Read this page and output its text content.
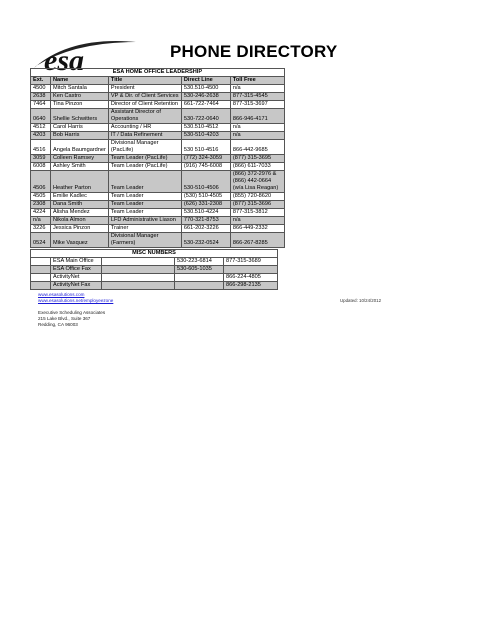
esa	PHONE DIRECTORY
ESA HOME OFFICE LEADERSHIP				
Ext.	Name	Title	Direct Line	Toll Free
4500	Mitch Santala	President	530.510-4500	n/a
2638	Ken Castro	VP & Dir. of Client Services	530-246-2638	877-315-4545
7464	Tina Pinzon	Director of Client Retention	661-722-7464	877-315-3697
0640	Shellie Schwitters	Assistant Director of Operations	530-722-0640	866-946-4171
4512	Carol Harris	Accounting / HR	530.510-4512	n/a
4203	Bob Harris	IT / Data Refinement	530-510-4203	n/a
4516	Angela Baumgardner	Divisional Manager (PacLife)	530 510-4516	866-442-9685
3059	Colleen Ramsey	Team Leader (PacLife)	(772) 324-3059	(877) 315-3695
6008	Ashley Smith	Team Leader (PacLife)	(916) 745-6008	(866) 611-7033
4506	Heather Parton	Team Leader	530-510-4506	(866) 372-2976 & (866) 442-0664 (w/a Lisa Reagan)
4505	Emilie Kadlec	Team Leader	(530) 510-4505	(855) 720-8620
2308	Dana Smith	Team Leader	(626) 331-2308	(877) 315-3696
4224	Alisha Mendez	Team Leader	530.510-4224	877-315-3812
n/a	Nikola Almon	LFD Administrative Liason	770-321-8753	n/a
3226	Jessica Pinzon	Trainer	661-202-3226	866-449-2332
0524	Mike Vasquez	Divisional Manager (Farmers)	530-232-0524	866-267-8285
MISC NUMBERS				
	ESA Main Office		530-223-6814	877-315-3689
	ESA Office Fax		530-605-1035	
	ActivityNet			866-224-4805
	ActivityNet Fax			866-298-2135
www.esasolutions.com
www.esasolutions.net/employeezone	Updated: 10/24/2012
Executive Scheduling Associates
215 Lake Blvd., Suite 367
Redding, CA 96003
